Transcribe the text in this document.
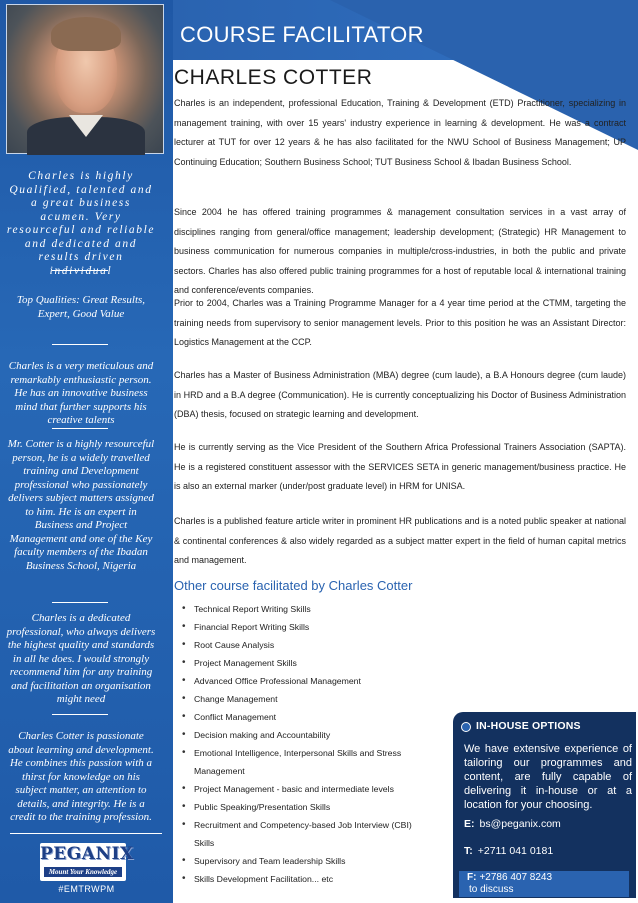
Charles is highly Qualified, talented and a great business acumen. Very resourceful and reliable and dedicated and results driven individual
Top Qualities: Great Results, Expert, Good Value
Charles is a very meticulous and remarkably enthusiastic person. He has an innovative business mind that further supports his creative talents
Mr. Cotter is a highly resourceful person, he is a widely travelled training and Development professional who passionately delivers subject matters assigned to him. He is an expert in Business and Project Management and one of the Key faculty members of the Ibadan Business School, Nigeria
Charles is a dedicated professional, who always delivers the highest quality and standards in all he does. I would strongly recommend him for any training and facilitation an organisation might need
Charles Cotter is passionate about learning and development. He combines this passion with a thirst for knowledge on his subject matter, an attention to details, and integrity. He is a credit to the training profession.
PEGANIX
Mount Your Knowledge
#EMTRWPM
COURSE FACILITATOR
CHARLES COTTER
Charles is an independent, professional Education, Training & Development (ETD) Practitioner, specializing in management training, with over 15 years' industry experience in learning & development. He was a contract lecturer at TUT for over 12 years & he has also facilitated for the NWU School of Business Management; UP Continuing Education; Southern Business School; TUT Business School & Ibadan Business School.
Since 2004 he has offered training programmes & management consultation services in a vast array of disciplines ranging from general/office management; leadership development; (Strategic) HR Management to business communication for numerous companies in multiple/cross-industries, in both the public and private sectors. Charles has also offered public training programmes for a host of reputable local & international training and conference/events companies.
Prior to 2004, Charles was a Training Programme Manager for a 4 year time period at the CTMM, targeting the training needs from supervisory to senior management levels. Prior to this position he was an Assistant Director: Logistics Management at the CCP.
Charles has a Master of Business Administration (MBA) degree (cum laude), a B.A Honours degree (cum laude) in HRD and a B.A degree (Communication). He is currently conceptualizing his Doctor of Business Administration (DBA) thesis, focused on strategic learning and development.
He is currently serving as the Vice President of the Southern Africa Professional Trainers Association (SAPTA). He is a registered constituent assessor with the SERVICES SETA in generic management/business practice. He is also an external marker (under/post graduate level) in HRM for UNISA.
Charles is a published feature article writer in prominent HR publications and is a noted public speaker at national & continental conferences & also widely regarded as a subject matter expert in the field of human capital metrics and management.
Other course facilitated by Charles Cotter
• Technical Report Writing Skills
• Financial Report Writing Skills
• Root Cause Analysis
• Project Management Skills
• Advanced Office Professional Management
• Change Management
• Conflict Management
• Decision making and Accountability
• Emotional Intelligence, Interpersonal Skills and Stress Management
• Project Management - basic and intermediate levels
• Public Speaking/Presentation Skills
• Recruitment and Competency-based Job Interview (CBI) Skills
• Supervisory and Team leadership Skills
• Skills Development Facilitation... etc
IN-HOUSE OPTIONS
We have extensive experience of tailoring our programmes and content, are fully capable of delivering it in-house or at a location for your choosing.
E: bs@peganix.com
T: +2711 041 0181
F: +2786 407 8243
to discuss
